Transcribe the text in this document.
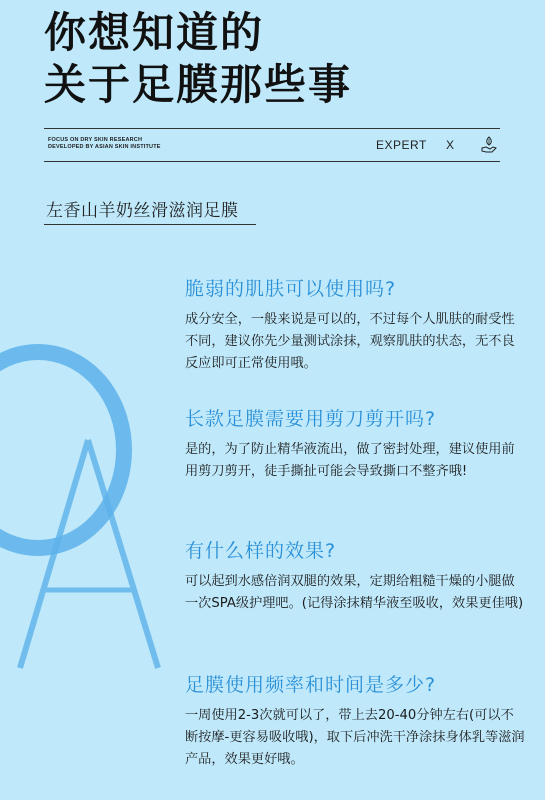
你想知道的
关于足膜那些事
FOCUS ON DRY SKIN RESEARCH
DEVELOPED BY ASIAN SKIN INSTITUTE	EXPERT X
左香山羊奶丝滑滋润足膜

脆弱的肌肤可以使用吗?

成分安全，一般来说是可以的，不过每个人肌肤的耐受性不同，建议你先少量测试涂抹，观察肌肤的状态，无不良反应即可正常使用哦。

长款足膜需要用剪刀剪开吗?

是的，为了防止精华液流出，做了密封处理，建议使用前用剪刀剪开，徒手撕扯可能会导致撕口不整齐哦!

有什么样的效果?

可以起到水感倍润双腿的效果，定期给粗糙干燥的小腿做一次SPA级护理吧。(记得涂抹精华液至吸收，效果更佳哦)

足膜使用频率和时间是多少?

一周使用2-3次就可以了，带上去20-40分钟左右(可以不断按摩-更容易吸收哦)，取下后冲洗干净涂抹身体乳等滋润产品，效果更好哦。
